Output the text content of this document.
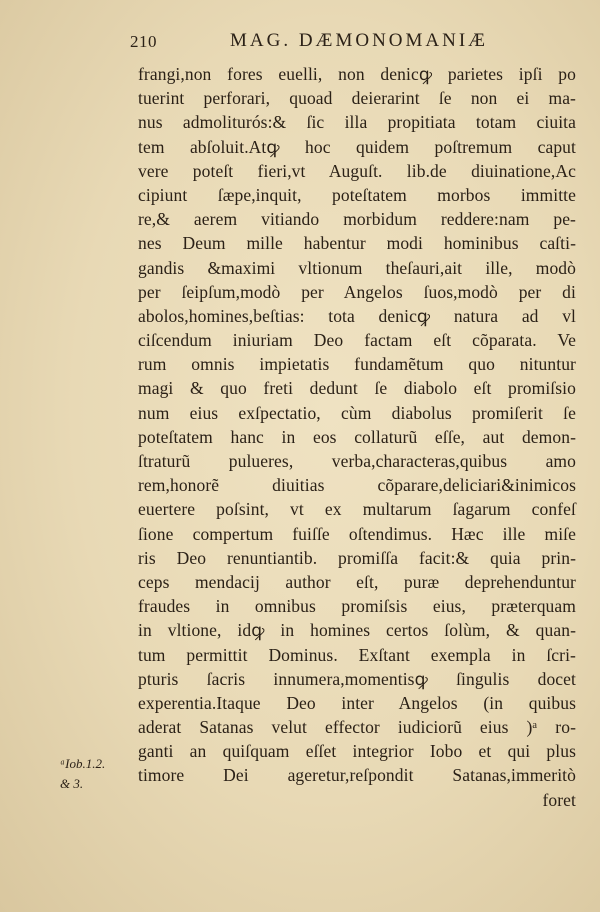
210	MAG. DÆMONOMANIÆ
frangi,non fores euelli, non denicꝙ parietes ipſi po
tuerint perforari, quoad deierarint ſe non ei ma-
nus admoliturós:& ſic illa propitiata totam ciuita
tem abſoluit.Atꝙ hoc quidem poſtremum caput
vere poteſt fieri,vt Auguſt. lib.de diuinatione,Ac
cipiunt ſæpe,inquit, poteſtatem morbos immitte
re,& aerem vitiando morbidum reddere:nam pe-
nes Deum mille habentur modi hominibus caſti-
gandis &maximi vltionum theſauri,ait ille, modò
per ſeipſum,modò per Angelos ſuos,modò per di
abolos,homines,beſtias: tota denicꝙ natura ad vl
ciſcendum iniuriam Deo factam eſt cõparata. Ve
rum omnis impietatis fundamẽtum quo nituntur
magi & quo freti dedunt ſe diabolo eſt promiſsio
num eius exſpectatio, cùm diabolus promiſerit ſe
poteſtatem hanc in eos collaturũ eſſe, aut demon-
ſtraturũ pulueres, verba,characteras,quibus amo
rem,honorẽ diuitias cõparare,deliciari&inimicos
euertere poſsint, vt ex multarum ſagarum confeſ
ſione compertum fuiſſe oſtendimus. Hæc ille miſe
ris Deo renuntiantib. promiſſa facit:& quia prin-
ceps mendacij author eſt, puræ deprehenduntur
fraudes in omnibus promiſsis eius, præterquam
in vltione, idꝙ in homines certos ſolùm, & quan-
tum permittit Dominus. Exſtant exempla in ſcri-
pturis ſacris innumera,momentisꝙ ſingulis docet
experentia.Itaque Deo inter Angelos (in quibus
aderat Satanas velut effector iudiciorũ eius )ᵃ ro-
ganti an quiſquam eſſet integrior Iobo et qui plus
timore Dei ageretur,reſpondit Satanas,immeritò
foret
ᵃIob.1.2.
& 3.
